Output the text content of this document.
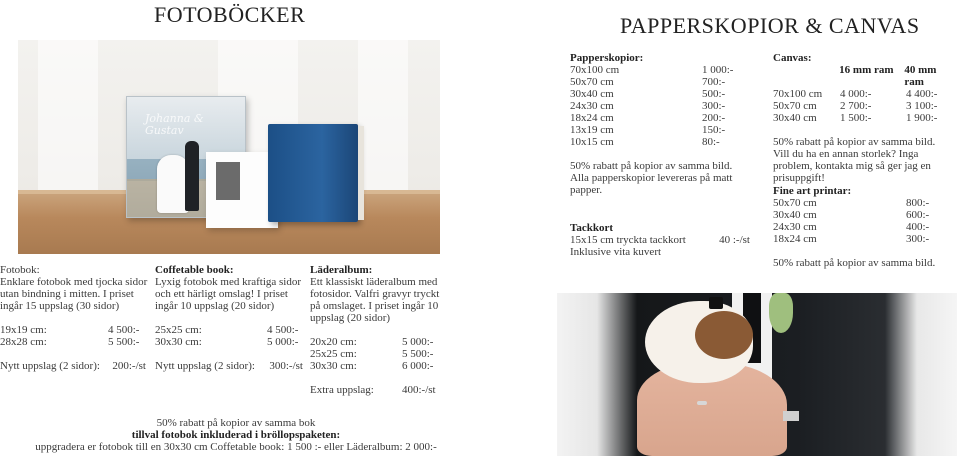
FOTOBÖCKER	PAPPERSKOPIOR & CANVAS
Johanna & Gustav
Fotobok:
Enklare fotobok med tjocka sidor utan bindning i mitten. I priset ingår 15 uppslag (30 sidor)
19x19 cm:	4 500:-
28x28 cm:	5 500:-
Nytt uppslag (2 sidor):	200:-/st
Coffetable book:
Lyxig fotobok med kraftiga sidor och ett härligt omslag! I priset ingår 10 uppslag (20 sidor)
25x25 cm:	4 500:-
30x30 cm:	5 000:-
Nytt uppslag (2 sidor):	300:-/st
Läderalbum:
Ett klassiskt läderalbum med fotosidor. Valfri gravyr tryckt på omslaget. I priset ingår 10 uppslag (20 sidor)
20x20 cm:	5 000:-
25x25 cm:	5 500:-
30x30 cm:	6 000:-
Extra uppslag:	400:-/st
50% rabatt på kopior av samma bok
tillval fotobok inkluderad i bröllopspaketen:
uppgradera er fotobok till en 30x30 cm Coffetable book: 1 500 :- eller Läderalbum: 2 000:-
Papperskopior:
70x100 cm	1 000:-
50x70 cm	700:-
30x40 cm	500:-
24x30 cm	300:-
18x24 cm	200:-
13x19 cm	150:-
10x15 cm	80:-
50% rabatt på kopior av samma bild. Alla papperskopior levereras på matt papper.
Tackkort
15x15 cm tryckta tackkort	40 :-/st
Inklusive vita kuvert
Canvas:
16 mm ram 40 mm ram
70x100 cm	4 000:-	4 400:-
50x70 cm	2 700:-	3 100:-
30x40 cm	1 500:-	1 900:-
50% rabatt på kopior av samma bild.
Vill du ha en annan storlek? Inga problem, kontakta mig så ger jag en prisuppgift!
Fine art printar:
50x70 cm	800:-
30x40 cm	600:-
24x30 cm	400:-
18x24 cm	300:-
50% rabatt på kopior av samma bild.
